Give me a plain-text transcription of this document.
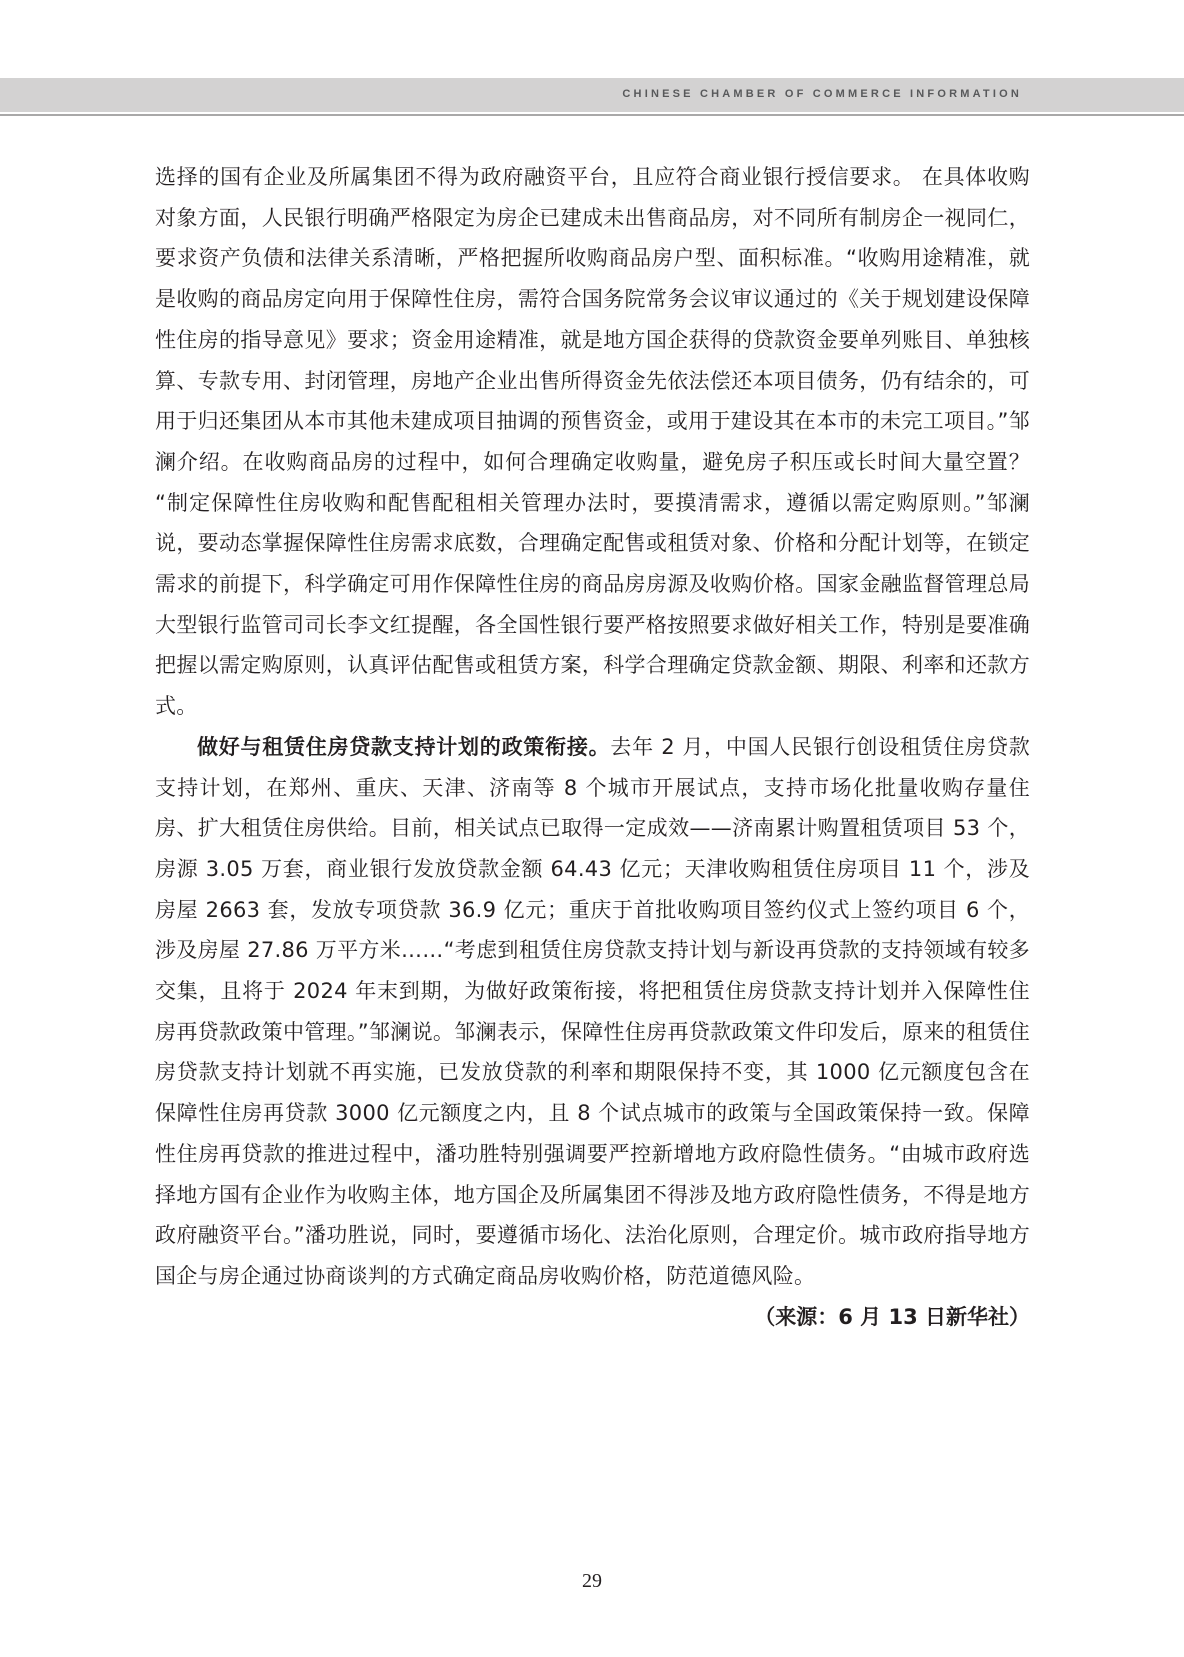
CHINESE CHAMBER OF COMMERCE INFORMATION

选择的国有企业及所属集团不得为政府融资平台，且应符合商业银行授信要求。 在具体收购对象方面，人民银行明确严格限定为房企已建成未出售商品房，对不同所有制房企一视同仁，要求资产负债和法律关系清晰，严格把握所收购商品房户型、面积标准。“收购用途精准，就是收购的商品房定向用于保障性住房，需符合国务院常务会议审议通过的《关于规划建设保障性住房的指导意见》要求；资金用途精准，就是地方国企获得的贷款资金要单列账目、单独核算、专款专用、封闭管理，房地产企业出售所得资金先依法偿还本项目债务，仍有结余的，可用于归还集团从本市其他未建成项目抽调的预售资金，或用于建设其在本市的未完工项目。”邹澜介绍。在收购商品房的过程中，如何合理确定收购量，避免房子积压或长时间大量空置？ “制定保障性住房收购和配售配租相关管理办法时，要摸清需求，遵循以需定购原则。”邹澜说，要动态掌握保障性住房需求底数，合理确定配售或租赁对象、价格和分配计划等，在锁定需求的前提下，科学确定可用作保障性住房的商品房房源及收购价格。国家金融监督管理总局大型银行监管司司长李文红提醒，各全国性银行要严格按照要求做好相关工作，特别是要准确把握以需定购原则，认真评估配售或租赁方案，科学合理确定贷款金额、期限、利率和还款方式。

做好与租赁住房贷款支持计划的政策衔接。去年 2 月，中国人民银行创设租赁住房贷款支持计划，在郑州、重庆、天津、济南等 8 个城市开展试点，支持市场化批量收购存量住房、扩大租赁住房供给。目前，相关试点已取得一定成效——济南累计购置租赁项目 53 个，房源 3.05 万套，商业银行发放贷款金额 64.43 亿元；天津收购租赁住房项目 11 个，涉及房屋 2663 套，发放专项贷款 36.9 亿元；重庆于首批收购项目签约仪式上签约项目 6 个，涉及房屋 27.86 万平方米……“考虑到租赁住房贷款支持计划与新设再贷款的支持领域有较多交集，且将于 2024 年末到期，为做好政策衔接，将把租赁住房贷款支持计划并入保障性住房再贷款政策中管理。”邹澜说。邹澜表示，保障性住房再贷款政策文件印发后，原来的租赁住房贷款支持计划就不再实施，已发放贷款的利率和期限保持不变，其 1000 亿元额度包含在保障性住房再贷款 3000 亿元额度之内，且 8 个试点城市的政策与全国政策保持一致。保障性住房再贷款的推进过程中，潘功胜特别强调要严控新增地方政府隐性债务。“由城市政府选择地方国有企业作为收购主体，地方国企及所属集团不得涉及地方政府隐性债务，不得是地方政府融资平台。”潘功胜说，同时，要遵循市场化、法治化原则，合理定价。城市政府指导地方国企与房企通过协商谈判的方式确定商品房收购价格，防范道德风险。

（来源：6 月 13 日新华社）

29
